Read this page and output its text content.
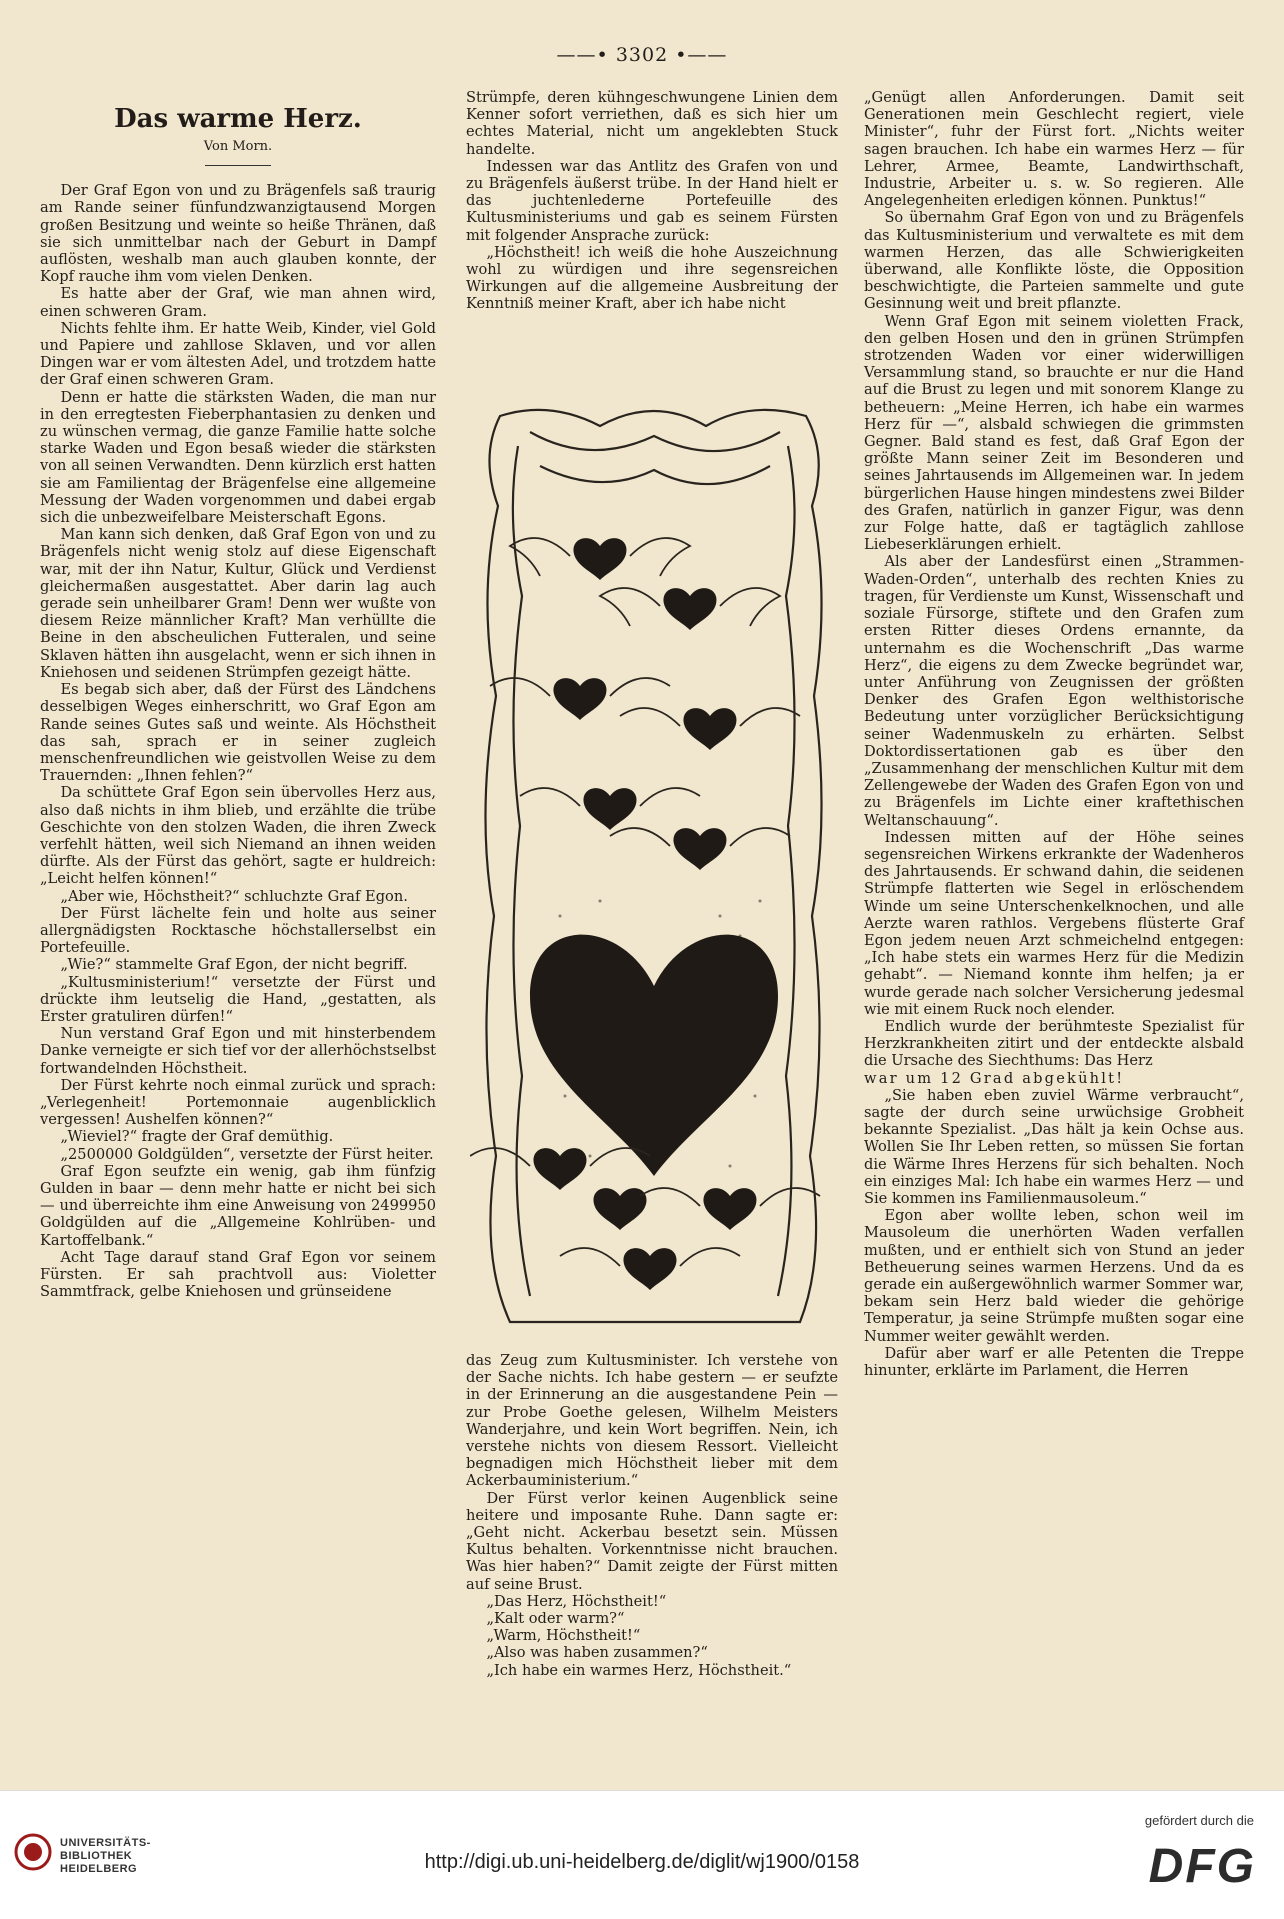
——• 3302 •——
Das warme Herz.
Von Morn.

Der Graf Egon von und zu Brägenfels saß traurig am Rande seiner fünfundzwanzigtausend Morgen großen Besitzung und weinte so heiße Thränen, daß sie sich unmittelbar nach der Geburt in Dampf auflösten, weshalb man auch glauben konnte, der Kopf rauche ihm vom vielen Denken.

Es hatte aber der Graf, wie man ahnen wird, einen schweren Gram.

Nichts fehlte ihm. Er hatte Weib, Kinder, viel Gold und Papiere und zahllose Sklaven, und vor allen Dingen war er vom ältesten Adel, und trotzdem hatte der Graf einen schweren Gram.

Denn er hatte die stärksten Waden, die man nur in den erregtesten Fieberphantasien zu denken und zu wünschen vermag, die ganze Familie hatte solche starke Waden und Egon besaß wieder die stärksten von all seinen Verwandten. Denn kürzlich erst hatten sie am Familientag der Brägenfelse eine allgemeine Messung der Waden vorgenommen und dabei ergab sich die unbezweifelbare Meisterschaft Egons.

Man kann sich denken, daß Graf Egon von und zu Brägenfels nicht wenig stolz auf diese Eigenschaft war, mit der ihn Natur, Kultur, Glück und Verdienst gleichermaßen ausgestattet. Aber darin lag auch gerade sein unheilbarer Gram! Denn wer wußte von diesem Reize männlicher Kraft? Man verhüllte die Beine in den abscheulichen Futteralen, und seine Sklaven hätten ihn ausgelacht, wenn er sich ihnen in Kniehosen und seidenen Strümpfen gezeigt hätte.

Es begab sich aber, daß der Fürst des Ländchens desselbigen Weges einherschritt, wo Graf Egon am Rande seines Gutes saß und weinte. Als Höchstheit das sah, sprach er in seiner zugleich menschenfreundlichen wie geistvollen Weise zu dem Trauernden: „Ihnen fehlen?“

Da schüttete Graf Egon sein übervolles Herz aus, also daß nichts in ihm blieb, und erzählte die trübe Geschichte von den stolzen Waden, die ihren Zweck verfehlt hätten, weil sich Niemand an ihnen weiden dürfte. Als der Fürst das gehört, sagte er huldreich: „Leicht helfen können!“

„Aber wie, Höchstheit?“ schluchzte Graf Egon.

Der Fürst lächelte fein und holte aus seiner allergnädigsten Rocktasche höchstallerselbst ein Portefeuille.

„Wie?“ stammelte Graf Egon, der nicht begriff.

„Kultusministerium!“ versetzte der Fürst und drückte ihm leutselig die Hand, „gestatten, als Erster gratuliren dürfen!“

Nun verstand Graf Egon und mit hinsterbendem Danke verneigte er sich tief vor der allerhöchstselbst fortwandelnden Höchstheit.

Der Fürst kehrte noch einmal zurück und sprach: „Verlegenheit! Portemonnaie augenblicklich vergessen! Aushelfen können?“

„Wieviel?“ fragte der Graf demüthig.

„2500000 Goldgülden“, versetzte der Fürst heiter.

Graf Egon seufzte ein wenig, gab ihm fünfzig Gulden in baar — denn mehr hatte er nicht bei sich — und überreichte ihm eine Anweisung von 2499950 Goldgülden auf die „Allgemeine Kohlrüben- und Kartoffelbank.“

Acht Tage darauf stand Graf Egon vor seinem Fürsten. Er sah prachtvoll aus: Violetter Sammtfrack, gelbe Kniehosen und grünseidene

Strümpfe, deren kühngeschwungene Linien dem Kenner sofort verriethen, daß es sich hier um echtes Material, nicht um angeklebten Stuck handelte.

Indessen war das Antlitz des Grafen von und zu Brägenfels äußerst trübe. In der Hand hielt er das juchtenlederne Portefeuille des Kultusministeriums und gab es seinem Fürsten mit folgender Ansprache zurück:

„Höchstheit! ich weiß die hohe Auszeichnung wohl zu würdigen und ihre segensreichen Wirkungen auf die allgemeine Ausbreitung der Kenntniß meiner Kraft, aber ich habe nicht

das Zeug zum Kultusminister. Ich verstehe von der Sache nichts. Ich habe gestern — er seufzte in der Erinnerung an die ausgestandene Pein — zur Probe Goethe gelesen, Wilhelm Meisters Wanderjahre, und kein Wort begriffen. Nein, ich verstehe nichts von diesem Ressort. Vielleicht begnadigen mich Höchstheit lieber mit dem Ackerbauministerium.“

Der Fürst verlor keinen Augenblick seine heitere und imposante Ruhe. Dann sagte er: „Geht nicht. Ackerbau besetzt sein. Müssen Kultus behalten. Vorkenntnisse nicht brauchen. Was hier haben?“ Damit zeigte der Fürst mitten auf seine Brust.

„Das Herz, Höchstheit!“

„Kalt oder warm?“

„Warm, Höchstheit!“

„Also was haben zusammen?“

„Ich habe ein warmes Herz, Höchstheit.“

„Genügt allen Anforderungen. Damit seit Generationen mein Geschlecht regiert, viele Minister“, fuhr der Fürst fort. „Nichts weiter sagen brauchen. Ich habe ein warmes Herz — für Lehrer, Armee, Beamte, Landwirthschaft, Industrie, Arbeiter u. s. w. So regieren. Alle Angelegenheiten erledigen können. Punktus!“

So übernahm Graf Egon von und zu Brägenfels das Kultusministerium und verwaltete es mit dem warmen Herzen, das alle Schwierigkeiten überwand, alle Konflikte löste, die Opposition beschwichtigte, die Parteien sammelte und gute Gesinnung weit und breit pflanzte.

Wenn Graf Egon mit seinem violetten Frack, den gelben Hosen und den in grünen Strümpfen strotzenden Waden vor einer widerwilligen Versammlung stand, so brauchte er nur die Hand auf die Brust zu legen und mit sonorem Klange zu betheuern: „Meine Herren, ich habe ein warmes Herz für —“, alsbald schwiegen die grimmsten Gegner. Bald stand es fest, daß Graf Egon der größte Mann seiner Zeit im Besonderen und seines Jahrtausends im Allgemeinen war. In jedem bürgerlichen Hause hingen mindestens zwei Bilder des Grafen, natürlich in ganzer Figur, was denn zur Folge hatte, daß er tagtäglich zahllose Liebeserklärungen erhielt.

Als aber der Landesfürst einen „Strammen-Waden-Orden“, unterhalb des rechten Knies zu tragen, für Verdienste um Kunst, Wissenschaft und soziale Fürsorge, stiftete und den Grafen zum ersten Ritter dieses Ordens ernannte, da unternahm es die Wochenschrift „Das warme Herz“, die eigens zu dem Zwecke begründet war, unter Anführung von Zeugnissen der größten Denker des Grafen Egon welthistorische Bedeutung unter vorzüglicher Berücksichtigung seiner Wadenmuskeln zu erhärten. Selbst Doktordissertationen gab es über den „Zusammenhang der menschlichen Kultur mit dem Zellengewebe der Waden des Grafen Egon von und zu Brägenfels im Lichte einer kraftethischen Weltanschauung“.

Indessen mitten auf der Höhe seines segensreichen Wirkens erkrankte der Wadenheros des Jahrtausends. Er schwand dahin, die seidenen Strümpfe flatterten wie Segel in erlöschendem Winde um seine Unterschenkelknochen, und alle Aerzte waren rathlos. Vergebens flüsterte Graf Egon jedem neuen Arzt schmeichelnd entgegen: „Ich habe stets ein warmes Herz für die Medizin gehabt“. — Niemand konnte ihm helfen; ja er wurde gerade nach solcher Versicherung jedesmal wie mit einem Ruck noch elender.

Endlich wurde der berühmteste Spezialist für Herzkrankheiten zitirt und der entdeckte alsbald die Ursache des Siechthums: Das Herz

war um 12 Grad abgekühlt!

„Sie haben eben zuviel Wärme verbraucht“, sagte der durch seine urwüchsige Grobheit bekannte Spezialist. „Das hält ja kein Ochse aus. Wollen Sie Ihr Leben retten, so müssen Sie fortan die Wärme Ihres Herzens für sich behalten. Noch ein einziges Mal: Ich habe ein warmes Herz — und Sie kommen ins Familienmausoleum.“

Egon aber wollte leben, schon weil im Mausoleum die unerhörten Waden verfallen mußten, und er enthielt sich von Stund an jeder Betheuerung seines warmen Herzens. Und da es gerade ein außergewöhnlich warmer Sommer war, bekam sein Herz bald wieder die gehörige Temperatur, ja seine Strümpfe mußten sogar eine Nummer weiter gewählt werden.

Dafür aber warf er alle Petenten die Treppe hinunter, erklärte im Parlament, die Herren

UNIVERSITÄTS-
BIBLIOTHEK
HEIDELBERG	http://digi.ub.uni-heidelberg.de/diglit/wj1900/0158
gefördert durch die
DFG
